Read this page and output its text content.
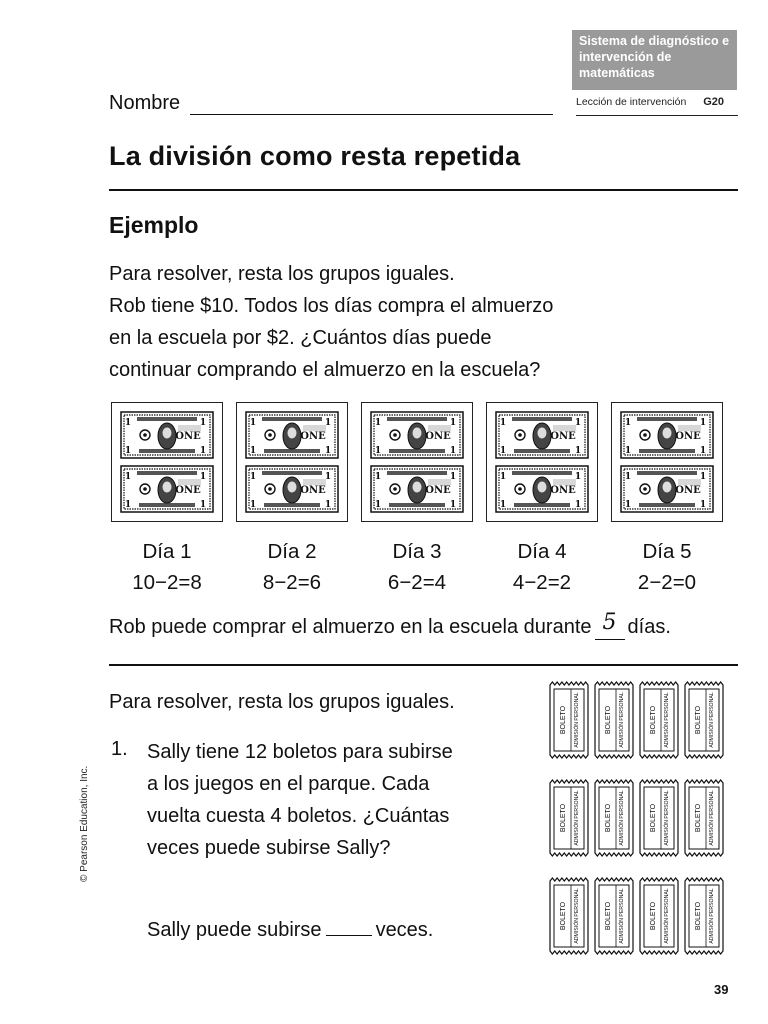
Sistema de diagnóstico e intervención de matemáticas
Lección de intervención G20
Nombre
La división como resta repetida
Ejemplo
Para resolver, resta los grupos iguales.
Rob tiene $10. Todos los días compra el almuerzo
en la escuela por $2. ¿Cuántos días puede
continuar comprando el almuerzo en la escuela?
1	1
1	1
ONE
1	1
1	1
ONE
1	1
1	1
ONE
1	1
1	1
ONE
1	1
1	1
ONE
1	1
1	1
ONE
1	1
1	1
ONE
1	1
1	1
ONE
1	1
1	1
ONE
1	1
1	1
ONE
Día 1
10−2=8
Día 2
8−2=6
Día 3
6−2=4
Día 4
4−2=2
Día 5
2−2=0
Rob puede comprar el almuerzo en la escuela durante 5 días.
Para resolver, resta los grupos iguales.
1. Sally tiene 12 boletos para subirse
a los juegos en el parque. Cada
vuelta cuesta 4 boletos. ¿Cuántas
veces puede subirse Sally?
Sally puede subirse	veces.
BOLETO ADMISIÓN PERSONAL	BOLETO ADMISIÓN PERSONAL	BOLETO ADMISIÓN PERSONAL	BOLETO ADMISIÓN PERSONAL
BOLETO ADMISIÓN PERSONAL	BOLETO ADMISIÓN PERSONAL	BOLETO ADMISIÓN PERSONAL	BOLETO ADMISIÓN PERSONAL
BOLETO ADMISIÓN PERSONAL	BOLETO ADMISIÓN PERSONAL	BOLETO ADMISIÓN PERSONAL	BOLETO ADMISIÓN PERSONAL
© Pearson Education, Inc.
39
